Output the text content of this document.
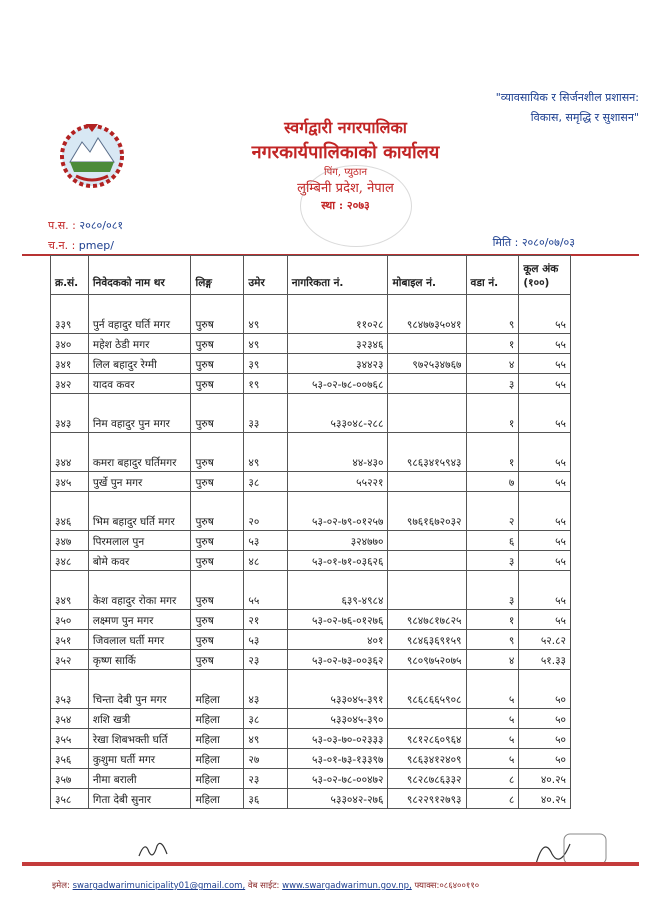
"व्यावसायिक र सिर्जनशील प्रशासन:
विकास, समृद्धि र सुशासन"
स्वर्गद्वारी नगरपालिका
नगरकार्यपालिकाको कार्यालय
पिंग, प्युठान
लुम्बिनी प्रदेश, नेपाल
स्था : २०७३
प.स. : २०८०/०८१
च.न. : pmep/	मिति : २०८०/०७/०३
क्र.सं.	निवेदकको नाम थर	लिङ्ग	उमेर	नागरिकता नं.	मोबाइल नं.	वडा नं.	कूल अंक (१००)
३३९	पुर्न वहादुर घर्ति मगर	पुरुष	४९	११०२८	९८४७७३५०४१	९	५५
३४०	महेश ठेडी मगर	पुरुष	४९	३२३४६		१	५५
३४१	लिल बहादुर रेग्मी	पुरुष	३९	३४४२३	९७२५३४७६७	४	५५
३४२	यादव कवर	पुरुष	१९	५३-०२-७८-००७६८		३	५५
३४३	निम वहादुर पुन मगर	पुरुष	३३	५३३०४८-२८८		१	५५
३४४	कमरा बहादुर घर्तिमगर	पुरुष	४९	४४-४३०	९८६३४१५९४३	१	५५
३४५	पुर्खे पुन मगर	पुरुष	३८	५५२२१		७	५५
३४६	भिम बहादुर घर्ति मगर	पुरुष	२०	५३-०२-७९-०१२५७	९७६१६७२०३२	२	५५
३४७	पिरमलाल पुन	पुरुष	५३	३२४७७०		६	५५
३४८	बोमे कवर	पुरुष	४८	५३-०१-७१-०३६२६		३	५५
३४९	केश वहादुर रोका मगर	पुरुष	५५	६३९-४९८४		३	५५
३५०	लक्ष्मण पुन मगर	पुरुष	२१	५३-०२-७६-०१२७६	९८४७८१७८२५	१	५५
३५१	जिवलाल घर्ती मगर	पुरुष	५३	४०१	९८४६३६९१५९	९	५२.८२
३५२	कृष्ण सार्कि	पुरुष	२३	५३-०२-७३-००३६२	९८०९७५२०७५	४	५१.३३
३५३	चिन्ता देबी पुन मगर	महिला	४३	५३३०४५-३९१	९८६८६६५९०८	५	५०
३५४	शशि खत्री	महिला	३८	५३३०४५-३९०		५	५०
३५५	रेखा शिबभक्ती घर्ति	महिला	४९	५३-०३-७०-०२३३३	९८१२८६०९६४	५	५०
३५६	कुशुमा घर्ती मगर	महिला	२७	५३-०१-७३-१३३९७	९८६३४१२४०९	५	५०
३५७	नीमा बराली	महिला	२३	५३-०२-७८-००४७२	९८२८७८६३३२	८	४०.२५
३५८	गिता देबी सुनार	महिला	३६	५३३०४२-२७६	९८२२९१२७९३	८	४०.२५
इमेल: swargadwarimunicipality01@gmail.com, वेब साईट: www.swargadwarimun.gov.np, फ्याक्स:०८६४००११०
